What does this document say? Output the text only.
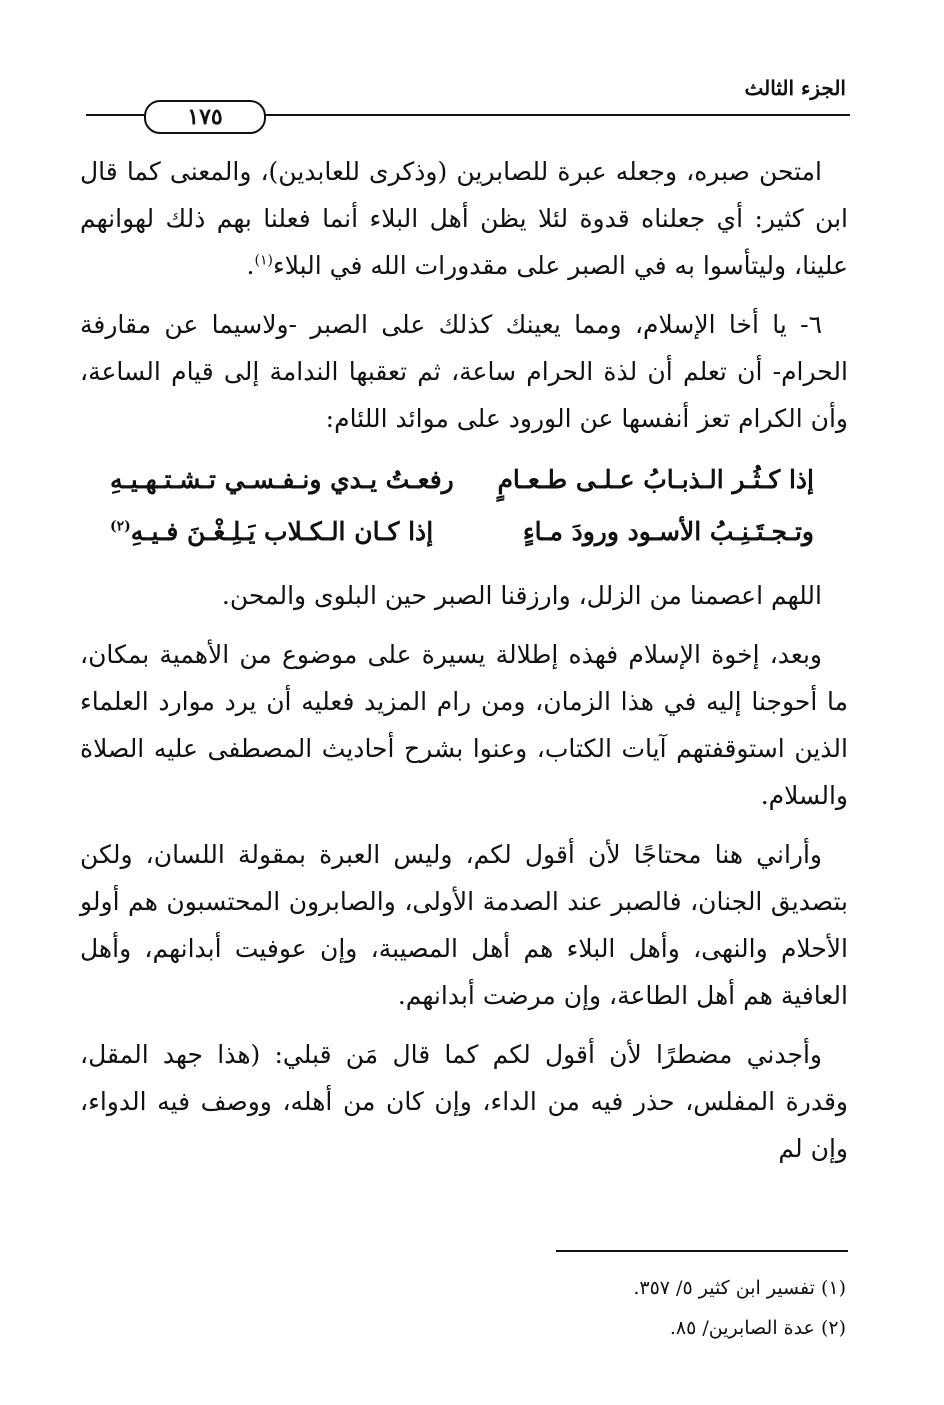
الجزء الثالث
١٧٥

امتحن صبره، وجعله عبرة للصابرين (وذكرى للعابدين)، والمعنى كما قال ابن كثير: أي جعلناه قدوة لئلا يظن أهل البلاء أنما فعلنا بهم ذلك لهوانهم علينا، وليتأسوا به في الصبر على مقدورات الله في البلاء$^{(١)}$.

٦- يا أخا الإسلام، ومما يعينك كذلك على الصبر -ولاسيما عن مقارفة الحرام- أن تعلم أن لذة الحرام ساعة، ثم تعقبها الندامة إلى قيام الساعة، وأن الكرام تعز أنفسها عن الورود على موائد اللئام:

إذا كـثُـر الـذبـابُ عـلـى طـعـامٍ
رفعـتُ يـدي ونـفـسـي تـشـتـهـيـهِ
وتـجـتَـنِـبُ الأسـود ورودَ مـاءٍ
إذا كـان الـكـلاب يَـلِـغْـنَ فـيـهِ$^{(٢)}$

اللهم اعصمنا من الزلل، وارزقنا الصبر حين البلوى والمحن.

وبعد، إخوة الإسلام فهذه إطلالة يسيرة على موضوع من الأهمية بمكان، ما أحوجنا إليه في هذا الزمان، ومن رام المزيد فعليه أن يرد موارد العلماء الذين استوقفتهم آيات الكتاب، وعنوا بشرح أحاديث المصطفى عليه الصلاة والسلام.

وأراني هنا محتاجًا لأن أقول لكم، وليس العبرة بمقولة اللسان، ولكن بتصديق الجنان، فالصبر عند الصدمة الأولى، والصابرون المحتسبون هم أولو الأحلام والنهى، وأهل البلاء هم أهل المصيبة، وإن عوفيت أبدانهم، وأهل العافية هم أهل الطاعة، وإن مرضت أبدانهم.

وأجدني مضطرًا لأن أقول لكم كما قال مَن قبلي: (هذا جهد المقل، وقدرة المفلس، حذر فيه من الداء، وإن كان من أهله، ووصف فيه الدواء، وإن لم

(١) تفسير ابن كثير ٥/ ٣٥٧.

(٢) عدة الصابرين/ ٨٥.
